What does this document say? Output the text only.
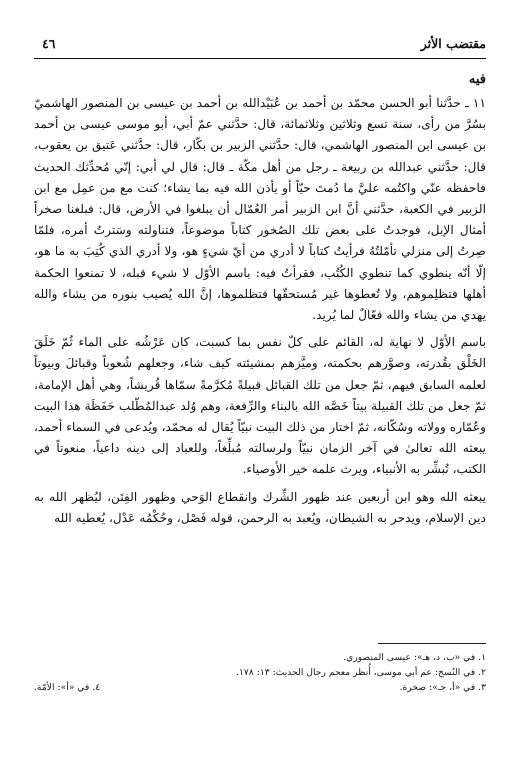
٤٦	مقتضب الأثر
فيه

١١ ـ حدَّثنا أبو الحسن محمّد بن أحمد بن عُبَيْدالله بن أحمد بن عيسى بن المنصور الهاشميّ بسُرَّ من رأى، سنة تسع وثلاثين وثلاثمائة، قال: حدَّثني عمّ أبي، أبو موسى عيسى بن أحمد بن عيسى ابن المنصور الهاشمي، قال: حدَّثني الزبير بن بكّار، قال: حدَّثني عَتيق بن يعقوب، قال: حدَّثني عبدالله بن ربيعة ـ رجل من أهل مكّة ـ قال: قال لي أبي: إنّي مُحدِّثك الحديث فاحفظه عنّي واكتُمه عليَّ ما دُمتَ حيّاً أو يأذن الله فيه بما يشاء؛ كنت مع من عمِل مع ابن الزبير في الكعبة، حدَّثني أنَّ ابن الزبير أمر العُمّال أن يبلغوا في الأرض، قال: فبلغنا صخراً أمثال الإبل، فوجدتُ على بعض تلك الصُخور كتاباً موضوعاً، فتناولته وسَترتُ أمره، فلمّا صِرتُ إلى منزلي تأمّلتُهُ فرأيتُ كتاباً لا أدري من أيّ شيءٍ هو، ولا أدري الذي كُتِبَ به ما هو، إلّا أنّه ينطوي كما تنطوي الكُتُب، فقرأتُ فيه: باسم الأوّل لا شيء قبله، لا تمنعوا الحكمة أهلها فتظلِموهم، ولا تُعطوها غير مُستحقّها فتظلموها، إنَّ الله يُصيب بنوره من يشاء والله يهدي من يشاء والله فعّالٌ لما يُريد.

باسم الأوّل لا نهاية له، القائم على كلّ نفس بما كسبت، كان عَرْشُه على الماء ثُمّ خَلَقَ الخَلْق بقُدرته، وصوَّرهم بحكمته، وميَّزهم بمشيئته كيف شاء، وجعلهم شُعوباً وقبائلَ وبيوتاً لعلمه السابق فيهم، ثمّ جعل من تلك القبائل قبيلةً مُكرَّمةً سمّاها قُريشاً، وهي أهل الإمامة، ثمّ جعل من تلك القبيلة بيتاً خَصَّه الله بالبناء والرِّفعة، وهم وُلد عبدالمُطّلب حَفَظَة هذا البيت وعُمّاره وولاته وسُكّانه، ثمّ اختار من ذلك البيت نبيّاً يُقال له محمّد، ويُدعى في السماء أحمد، يبعثه الله تعالىٰ في آخر الزمان نبيّاً ولرسالته مُبلِّغاً، وللعباد إلى دينه داعياً، منعوتاً في الكتب، تُبشِّر به الأنبياء، ويرث علمه خير الأوصياء.

يبعثه الله وهو ابن أربعين عند ظهور الشِّرك وانقطاع الوَحي وظهور الفِتَن، ليُظهر الله به دين الإسلام، ويدحر به الشيطان، ويُعبد به الرحمن، قوله فَصْل، وحُكْمُه عَدْل، يُعطيه الله

١. في «ب، د، هـ»: عيسى المنصوري.
٢. في النُسخ: عم أبي موسى، أُنظر معجم رجال الحديث: ١٣: ١٧٨.
٣. في «أ، جـ»: صخرة.
٤. في «أ»: الأمّة.
